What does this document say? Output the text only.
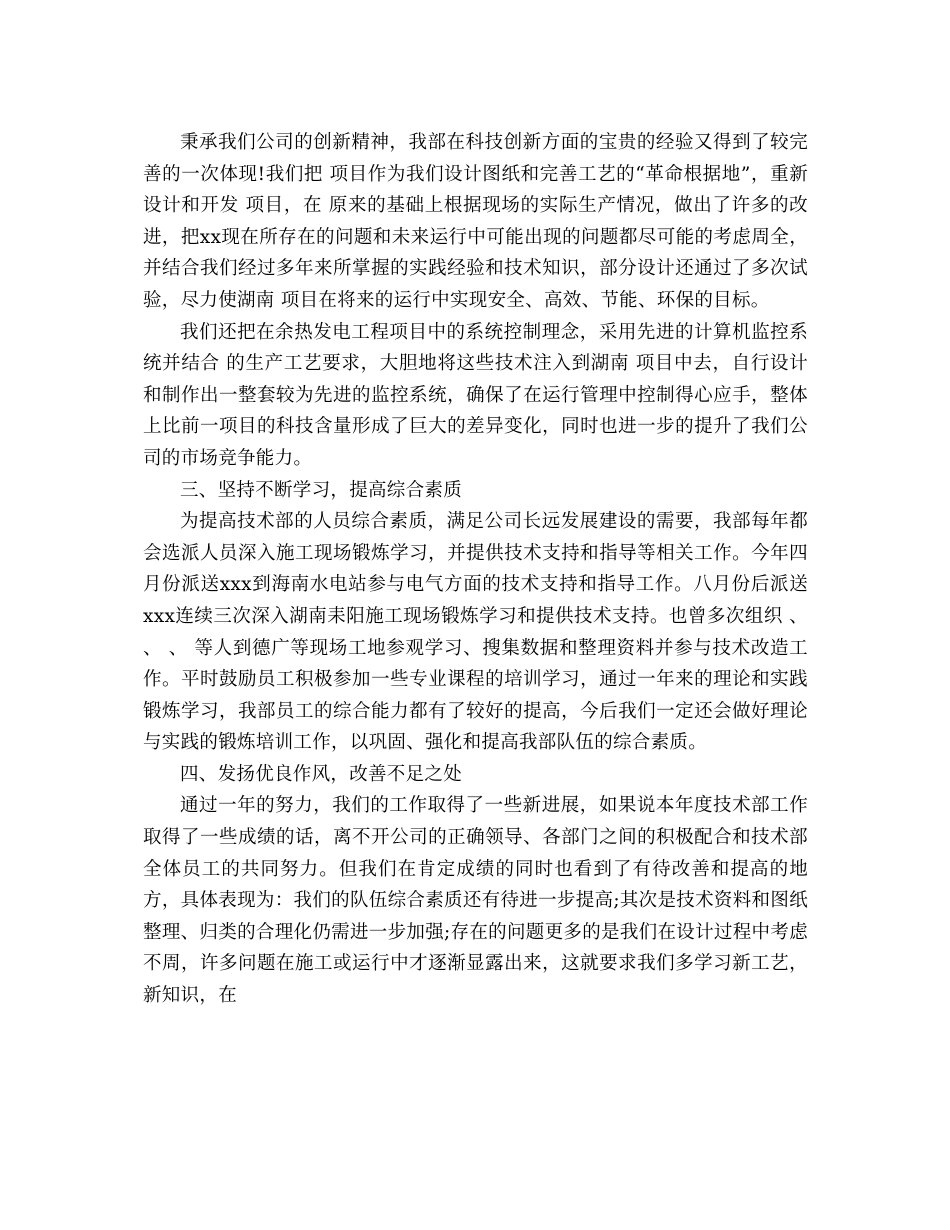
秉承我们公司的创新精神，我部在科技创新方面的宝贵的经验又得到了较完善的一次体现!我们把 项目作为我们设计图纸和完善工艺的“革命根据地”，重新设计和开发 项目，在 原来的基础上根据现场的实际生产情况，做出了许多的改进，把xx现在所存在的问题和未来运行中可能出现的问题都尽可能的考虑周全，并结合我们经过多年来所掌握的实践经验和技术知识，部分设计还通过了多次试验，尽力使湖南 项目在将来的运行中实现安全、高效、节能、环保的目标。

我们还把在余热发电工程项目中的系统控制理念，采用先进的计算机监控系统并结合 的生产工艺要求，大胆地将这些技术注入到湖南 项目中去，自行设计和制作出一整套较为先进的监控系统，确保了在运行管理中控制得心应手，整体上比前一项目的科技含量形成了巨大的差异变化，同时也进一步的提升了我们公司的市场竞争能力。

三、坚持不断学习，提高综合素质

为提高技术部的人员综合素质，满足公司长远发展建设的需要，我部每年都会选派人员深入施工现场锻炼学习，并提供技术支持和指导等相关工作。今年四月份派送xxx到海南水电站参与电气方面的技术支持和指导工作。八月份后派送xxx连续三次深入湖南耒阳施工现场锻炼学习和提供技术支持。也曾多次组织 、 、 、 等人到德广等现场工地参观学习、搜集数据和整理资料并参与技术改造工作。平时鼓励员工积极参加一些专业课程的培训学习，通过一年来的理论和实践锻炼学习，我部员工的综合能力都有了较好的提高，今后我们一定还会做好理论与实践的锻炼培训工作，以巩固、强化和提高我部队伍的综合素质。

四、发扬优良作风，改善不足之处

通过一年的努力，我们的工作取得了一些新进展，如果说本年度技术部工作取得了一些成绩的话，离不开公司的正确领导、各部门之间的积极配合和技术部全体员工的共同努力。但我们在肯定成绩的同时也看到了有待改善和提高的地方，具体表现为：我们的队伍综合素质还有待进一步提高;其次是技术资料和图纸整理、归类的合理化仍需进一步加强;存在的问题更多的是我们在设计过程中考虑不周，许多问题在施工或运行中才逐渐显露出来，这就要求我们多学习新工艺，新知识，在
